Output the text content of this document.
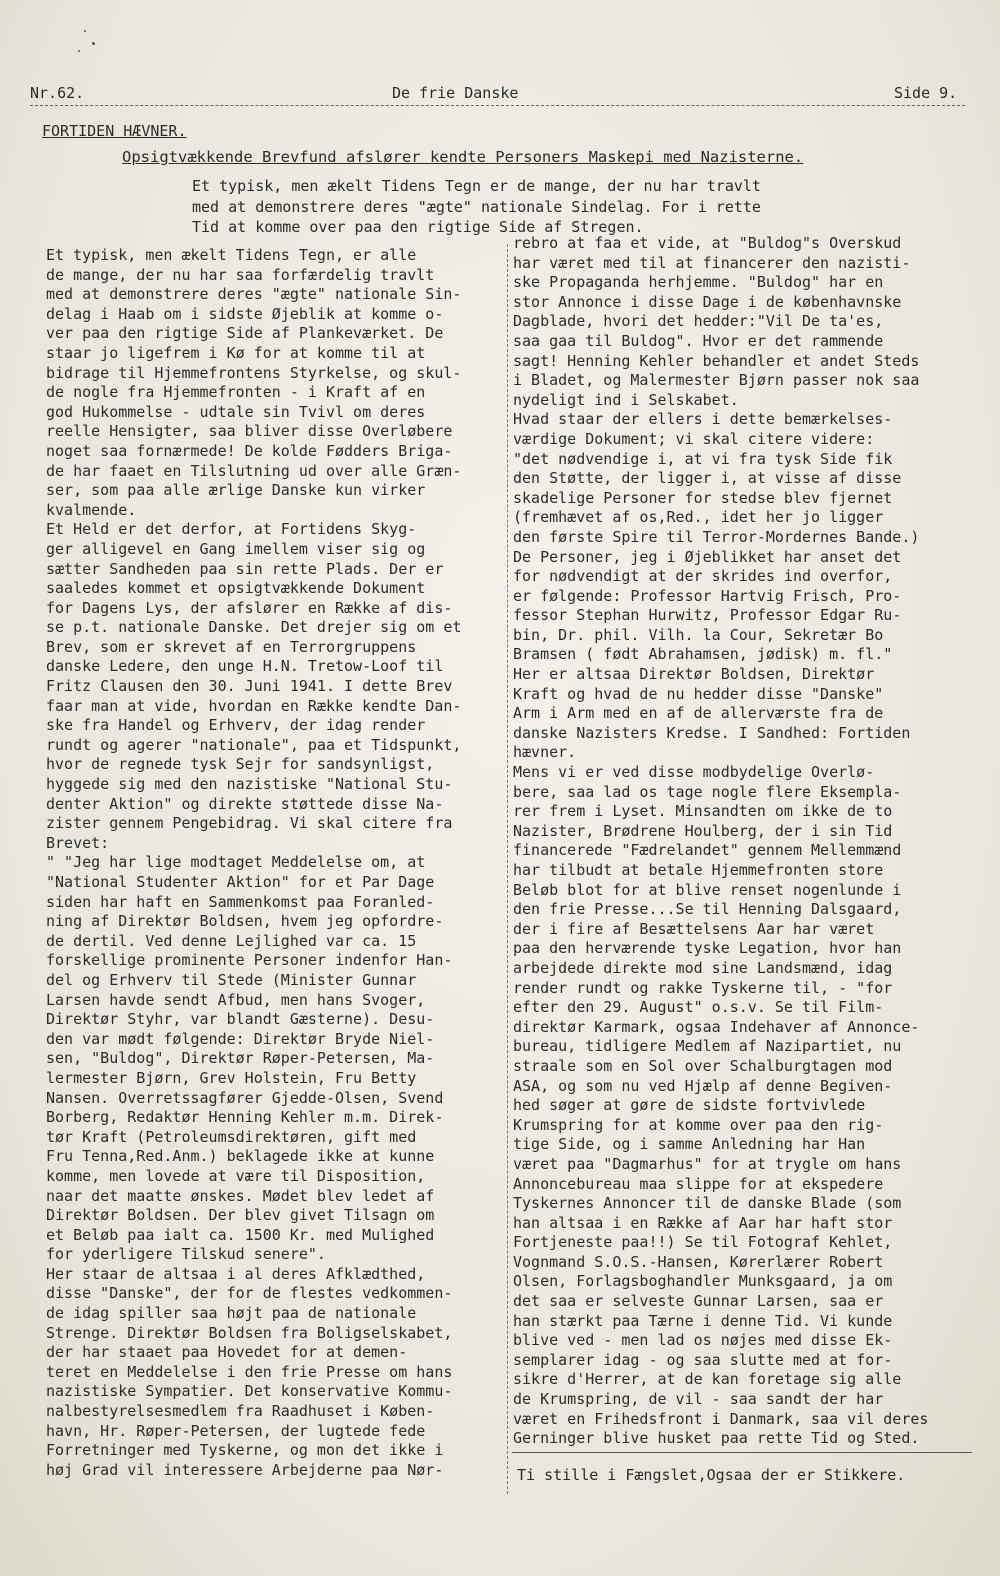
Nr.62.	De frie Danske	Side 9.
FORTIDEN HÆVNER.
Opsigtvækkende Brevfund afslører kendte Personers Maskepi med Nazisterne.
Et typisk, men ækelt Tidens Tegn er de mange, der nu har travlt
med at demonstrere deres "ægte" nationale Sindelag. For i rette
Tid at komme over paa den rigtige Side af Stregen.
Et typisk, men ækelt Tidens Tegn, er alle
de mange, der nu har saa forfærdelig travlt
med at demonstrere deres "ægte" nationale Sin-
delag i Haab om i sidste Øjeblik at komme o-
ver paa den rigtige Side af Plankeværket. De
staar jo ligefrem i Kø for at komme til at
bidrage til Hjemmefrontens Styrkelse, og skul-
de nogle fra Hjemmefronten - i Kraft af en
god Hukommelse - udtale sin Tvivl om deres
reelle Hensigter, saa bliver disse Overløbere
noget saa fornærmede! De kolde Fødders Briga-
de har faaet en Tilslutning ud over alle Græn-
ser, som paa alle ærlige Danske kun virker
kvalmende.
Et Held er det derfor, at Fortidens Skyg-
ger alligevel en Gang imellem viser sig og
sætter Sandheden paa sin rette Plads. Der er
saaledes kommet et opsigtvækkende Dokument
for Dagens Lys, der afslører en Række af dis-
se p.t. nationale Danske. Det drejer sig om et
Brev, som er skrevet af en Terrorgruppens
danske Ledere, den unge H.N. Tretow-Loof til
Fritz Clausen den 30. Juni 1941. I dette Brev
faar man at vide, hvordan en Række kendte Dan-
ske fra Handel og Erhverv, der idag render
rundt og agerer "nationale", paa et Tidspunkt,
hvor de regnede tysk Sejr for sandsynligst,
hyggede sig med den nazistiske "National Stu-
denter Aktion" og direkte støttede disse Na-
zister gennem Pengebidrag. Vi skal citere fra
Brevet:
" "Jeg har lige modtaget Meddelelse om, at
"National Studenter Aktion" for et Par Dage
siden har haft en Sammenkomst paa Foranled-
ning af Direktør Boldsen, hvem jeg opfordre-
de dertil. Ved denne Lejlighed var ca. 15
forskellige prominente Personer indenfor Han-
del og Erhverv til Stede (Minister Gunnar
Larsen havde sendt Afbud, men hans Svoger,
Direktør Styhr, var blandt Gæsterne). Desu-
den var mødt følgende: Direktør Bryde Niel-
sen, "Buldog", Direktør Røper-Petersen, Ma-
lermester Bjørn, Grev Holstein, Fru Betty
Nansen. Overretssagfører Gjedde-Olsen, Svend
Borberg, Redaktør Henning Kehler m.m. Direk-
tør Kraft (Petroleumsdirektøren, gift med
Fru Tenna,Red.Anm.) beklagede ikke at kunne
komme, men lovede at være til Disposition,
naar det maatte ønskes. Mødet blev ledet af
Direktør Boldsen. Der blev givet Tilsagn om
et Beløb paa ialt ca. 1500 Kr. med Mulighed
for yderligere Tilskud senere".
Her staar de altsaa i al deres Afklædthed,
disse "Danske", der for de flestes vedkommen-
de idag spiller saa højt paa de nationale
Strenge. Direktør Boldsen fra Boligselskabet,
der har staaet paa Hovedet for at demen-
teret en Meddelelse i den frie Presse om hans
nazistiske Sympatier. Det konservative Kommu-
nalbestyrelsesmedlem fra Raadhuset i Køben-
havn, Hr. Røper-Petersen, der lugtede fede
Forretninger med Tyskerne, og mon det ikke i
høj Grad vil interessere Arbejderne paa Nør-
rebro at faa et vide, at "Buldog"s Overskud
har været med til at financerer den nazisti-
ske Propaganda herhjemme. "Buldog" har en
stor Annonce i disse Dage i de københavnske
Dagblade, hvori det hedder:"Vil De ta'es,
saa gaa til Buldog". Hvor er det rammende
sagt! Henning Kehler behandler et andet Steds
i Bladet, og Malermester Bjørn passer nok saa
nydeligt ind i Selskabet.
Hvad staar der ellers i dette bemærkelses-
værdige Dokument; vi skal citere videre:
"det nødvendige i, at vi fra tysk Side fik
den Støtte, der ligger i, at visse af disse
skadelige Personer for stedse blev fjernet
(fremhævet af os,Red., idet her jo ligger
den første Spire til Terror-Mordernes Bande.)
De Personer, jeg i Øjeblikket har anset det
for nødvendigt at der skrides ind overfor,
er følgende: Professor Hartvig Frisch, Pro-
fessor Stephan Hurwitz, Professor Edgar Ru-
bin, Dr. phil. Vilh. la Cour, Sekretær Bo
Bramsen ( født Abrahamsen, jødisk) m. fl."
Her er altsaa Direktør Boldsen, Direktør
Kraft og hvad de nu hedder disse "Danske"
Arm i Arm med en af de allerværste fra de
danske Nazisters Kredse. I Sandhed: Fortiden
hævner.
Mens vi er ved disse modbydelige Overlø-
bere, saa lad os tage nogle flere Eksempla-
rer frem i Lyset. Minsandten om ikke de to
Nazister, Brødrene Houlberg, der i sin Tid
financerede "Fædrelandet" gennem Mellemmænd
har tilbudt at betale Hjemmefronten store
Beløb blot for at blive renset nogenlunde i
den frie Presse...Se til Henning Dalsgaard,
der i fire af Besættelsens Aar har været
paa den herværende tyske Legation, hvor han
arbejdede direkte mod sine Landsmænd, idag
render rundt og rakke Tyskerne til, - "for
efter den 29. August" o.s.v. Se til Film-
direktør Karmark, ogsaa Indehaver af Annonce-
bureau, tidligere Medlem af Nazipartiet, nu
straale som en Sol over Schalburgtagen mod
ASA, og som nu ved Hjælp af denne Begiven-
hed søger at gøre de sidste fortvivlede
Krumspring for at komme over paa den rig-
tige Side, og i samme Anledning har Han
været paa "Dagmarhus" for at trygle om hans
Annoncebureau maa slippe for at ekspedere
Tyskernes Annoncer til de danske Blade (som
han altsaa i en Række af Aar har haft stor
Fortjeneste paa!!) Se til Fotograf Kehlet,
Vognmand S.O.S.-Hansen, Kørerlærer Robert
Olsen, Forlagsboghandler Munksgaard, ja om
det saa er selveste Gunnar Larsen, saa er
han stærkt paa Tærne i denne Tid. Vi kunde
blive ved - men lad os nøjes med disse Ek-
semplarer idag - og saa slutte med at for-
sikre d'Herrer, at de kan foretage sig alle
de Krumspring, de vil - saa sandt der har
været en Frihedsfront i Danmark, saa vil deres
Gerninger blive husket paa rette Tid og Sted.
Ti stille i Fængslet,Ogsaa der er Stikkere.
